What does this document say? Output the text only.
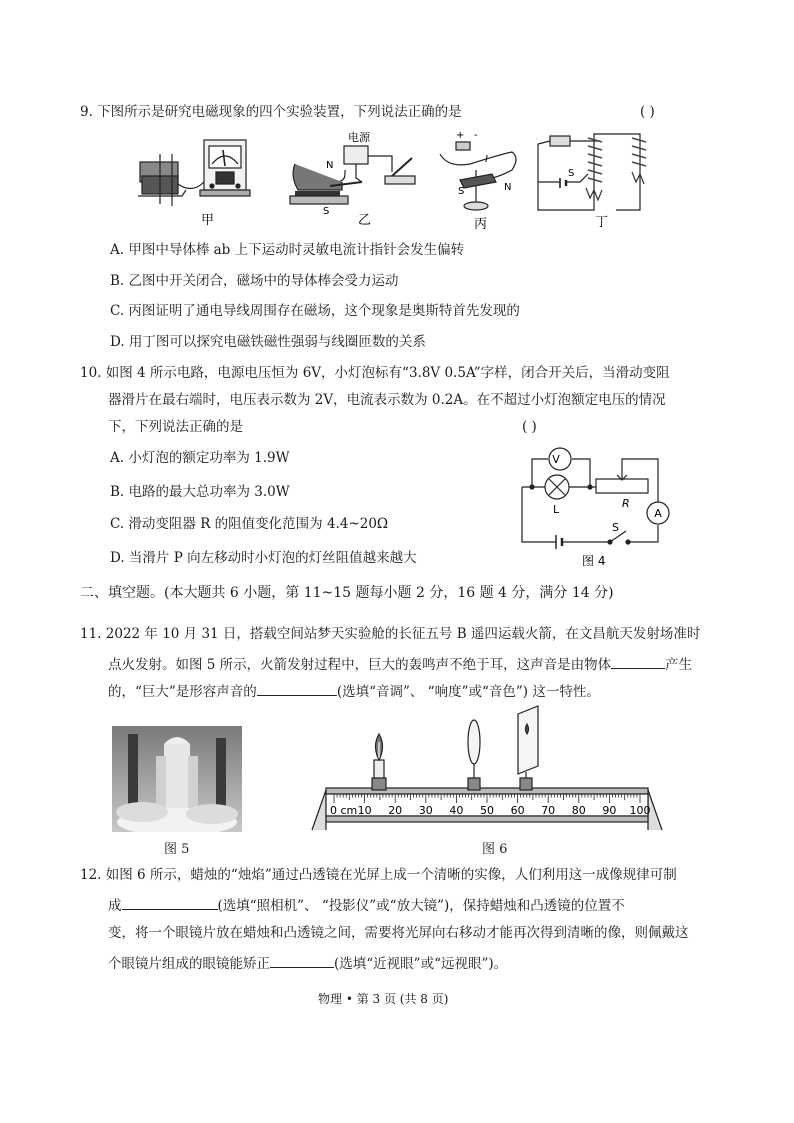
9. 下图所示是研究电磁现象的四个实验装置，下列说法正确的是	( )
甲
电源
N
S
乙
+ -
I
S	N
丙
S
丁
A. 甲图中导体棒 ab 上下运动时灵敏电流计指针会发生偏转
B. 乙图中开关闭合，磁场中的导体棒会受力运动
C. 丙图证明了通电导线周围存在磁场，这个现象是奥斯特首先发现的
D. 用丁图可以探究电磁铁磁性强弱与线圈匝数的关系
10. 如图 4 所示电路，电源电压恒为 6V，小灯泡标有“3.8V 0.5A”字样，闭合开关后，当滑动变阻
器滑片在最右端时，电压表示数为 2V，电流表示数为 0.2A。在不超过小灯泡额定电压的情况
下，下列说法正确的是	( )
A. 小灯泡的额定功率为 1.9W
B. 电路的最大总功率为 3.0W
C. 滑动变阻器 R 的阻值变化范围为 4.4~20Ω
D. 当滑片 P 向左移动时小灯泡的灯丝阻值越来越大
V
A
L	R
S
图 4
二、填空题。(本大题共 6 小题，第 11~15 题每小题 2 分，16 题 4 分，满分 14 分)
11. 2022 年 10 月 31 日，搭载空间站梦天实验舱的长征五号 B 遥四运载火箭，在文昌航天发射场准时
点火发射。如图 5 所示，火箭发射过程中，巨大的轰鸣声不绝于耳，这声音是由物体	产生
的，“巨大”是形容声音的	(选填“音调”、 “响度”或“音色”) 这一特性。
图 5
0 cm 10 20 30 40 50 60 70 80 90 100
图 6
12. 如图 6 所示，蜡烛的“烛焰”通过凸透镜在光屏上成一个清晰的实像，人们利用这一成像规律可制
成	(选填“照相机”、 “投影仪”或“放大镜”)，保持蜡烛和凸透镜的位置不
变，将一个眼镜片放在蜡烛和凸透镜之间，需要将光屏向右移动才能再次得到清晰的像，则佩戴这
个眼镜片组成的眼镜能矫正	(选填“近视眼”或“远视眼”)。
物理 • 第 3 页 (共 8 页)
